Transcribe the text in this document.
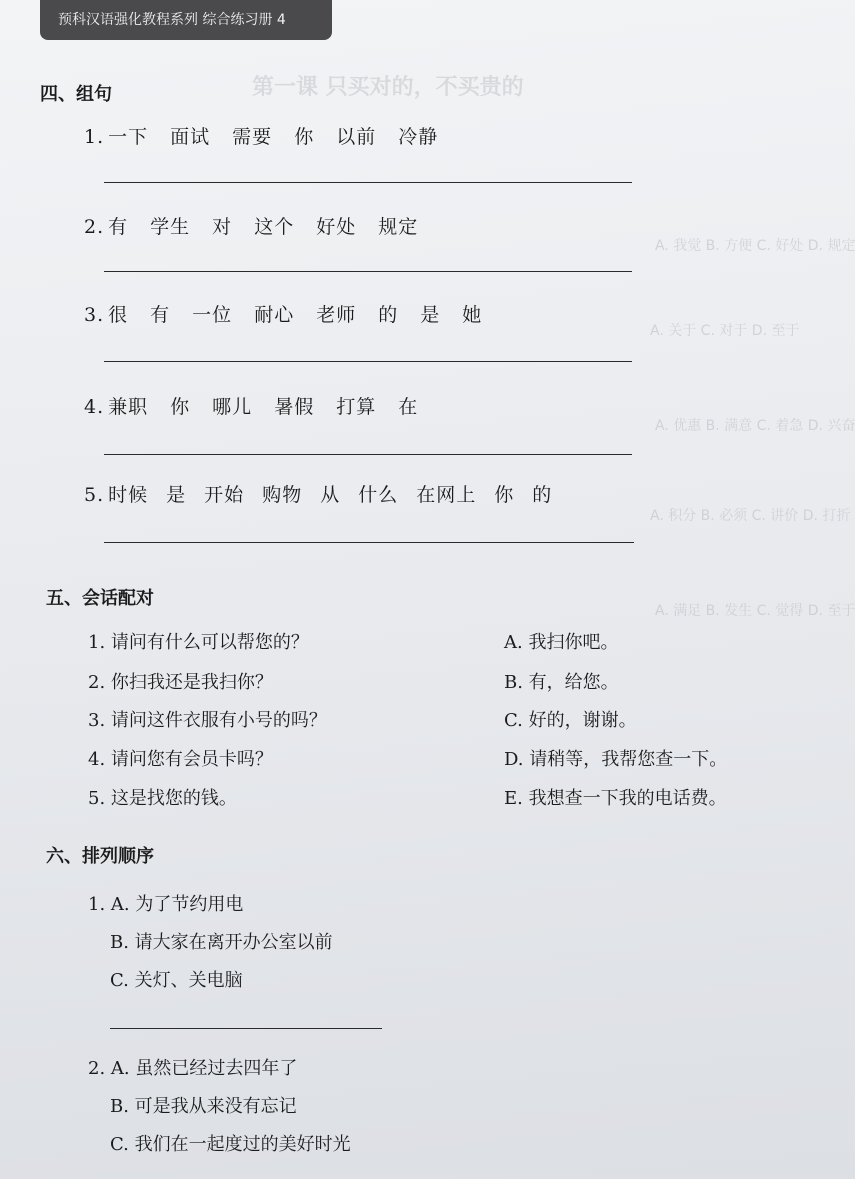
第一课 只买对的，不买贵的
A. 我觉 B. 方便 C. 好处 D. 规定
A. 关于 C. 对于 D. 至于
A. 优惠 B. 满意 C. 着急 D. 兴奋
A. 积分 B. 必须 C. 讲价 D. 打折
A. 满足 B. 发生 C. 觉得 D. 至于
预科汉语强化教程系列 综合练习册 4
四、组句
1. 一下 面试 需要 你 以前 冷静
2. 有 学生 对 这个 好处 规定
3. 很 有 一位 耐心 老师 的 是 她
4. 兼职 你 哪儿 暑假 打算 在
5. 时候 是 开始 购物 从 什么 在网上 你 的
五、会话配对
1. 请问有什么可以帮您的？
2. 你扫我还是我扫你？
3. 请问这件衣服有小号的吗？
4. 请问您有会员卡吗？
5. 这是找您的钱。
A. 我扫你吧。
B. 有，给您。
C. 好的，谢谢。
D. 请稍等，我帮您查一下。
E. 我想查一下我的电话费。
六、排列顺序
1. A. 为了节约用电
B. 请大家在离开办公室以前
C. 关灯、关电脑
2. A. 虽然已经过去四年了
B. 可是我从来没有忘记
C. 我们在一起度过的美好时光
